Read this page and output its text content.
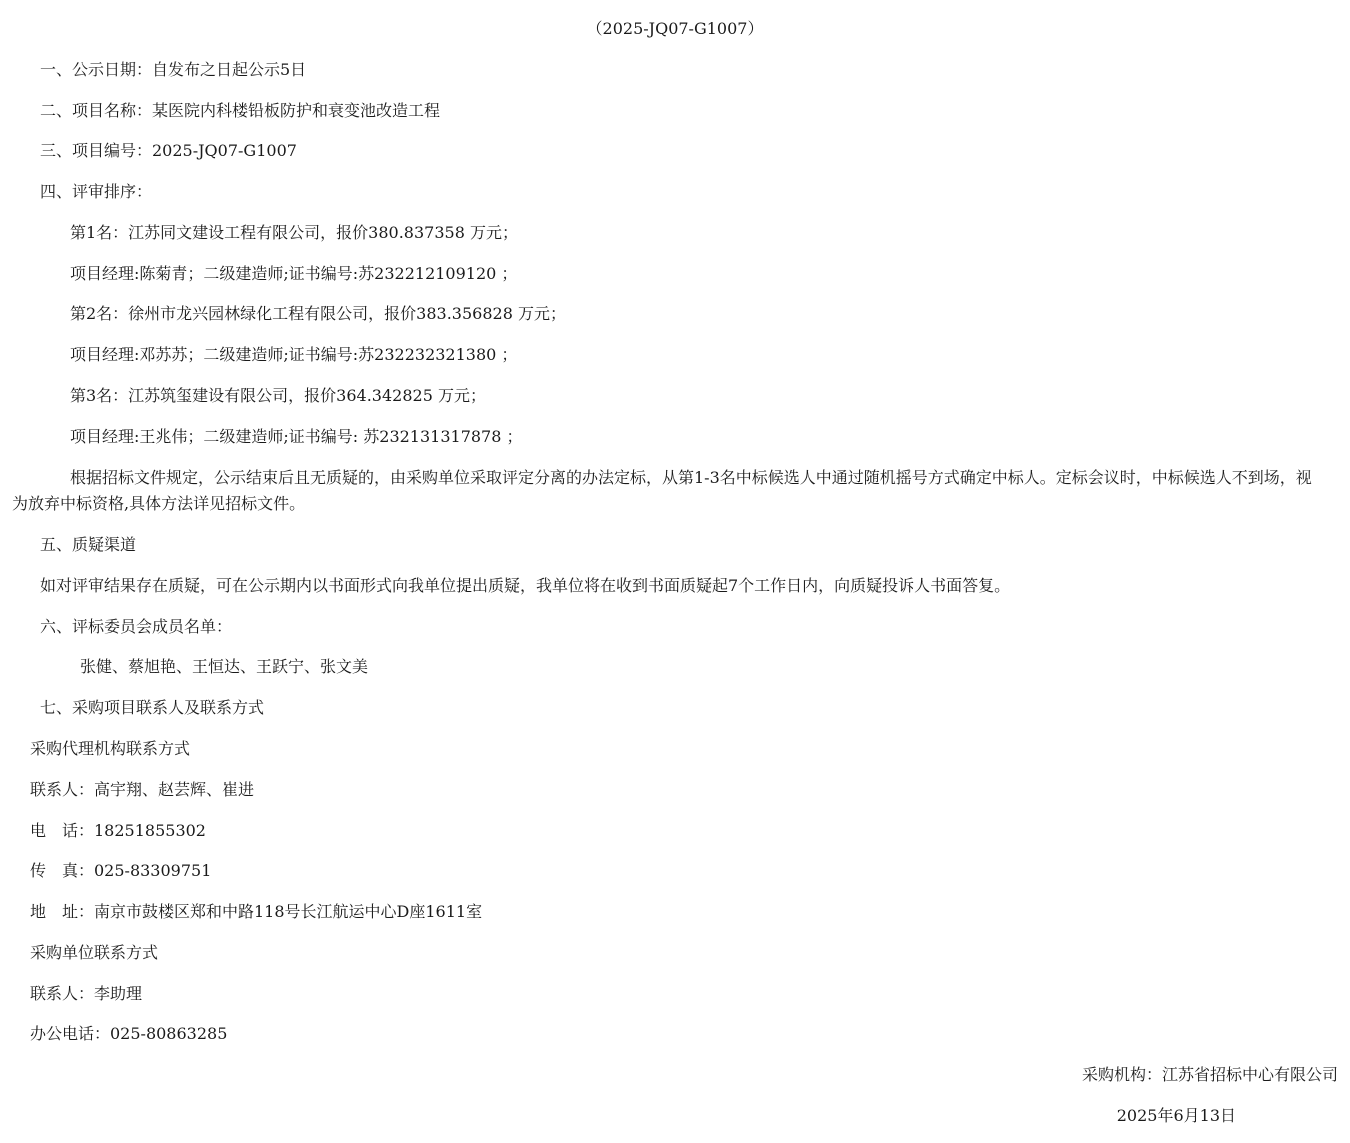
（2025-JQ07-G1007）
一、公示日期：自发布之日起公示5日
二、项目名称：某医院内科楼铅板防护和衰变池改造工程
三、项目编号：2025-JQ07-G1007
四、评审排序：
第1名：江苏同文建设工程有限公司，报价380.837358 万元；
项目经理:陈菊青；二级建造师;证书编号:苏232212109120 ；
第2名：徐州市龙兴园林绿化工程有限公司，报价383.356828 万元；
项目经理:邓苏苏；二级建造师;证书编号:苏232232321380 ；
第3名：江苏筑玺建设有限公司，报价364.342825 万元；
项目经理:王兆伟；二级建造师;证书编号: 苏232131317878 ；
根据招标文件规定，公示结束后且无质疑的，由采购单位采取评定分离的办法定标，从第1-3名中标候选人中通过随机摇号方式确定中标人。定标会议时，中标候选人不到场，视为放弃中标资格,具体方法详见招标文件。
五、质疑渠道
如对评审结果存在质疑，可在公示期内以书面形式向我单位提出质疑，我单位将在收到书面质疑起7个工作日内，向质疑投诉人书面答复。
六、评标委员会成员名单：
张健、蔡旭艳、王恒达、王跃宁、张文美
七、采购项目联系人及联系方式
采购代理机构联系方式
联系人：高宇翔、赵芸辉、崔进
电　话：18251855302
传　真：025-83309751
地　址：南京市鼓楼区郑和中路118号长江航运中心D座1611室
采购单位联系方式
联系人：李助理
办公电话：025-80863285
采购机构：江苏省招标中心有限公司
2025年6月13日
